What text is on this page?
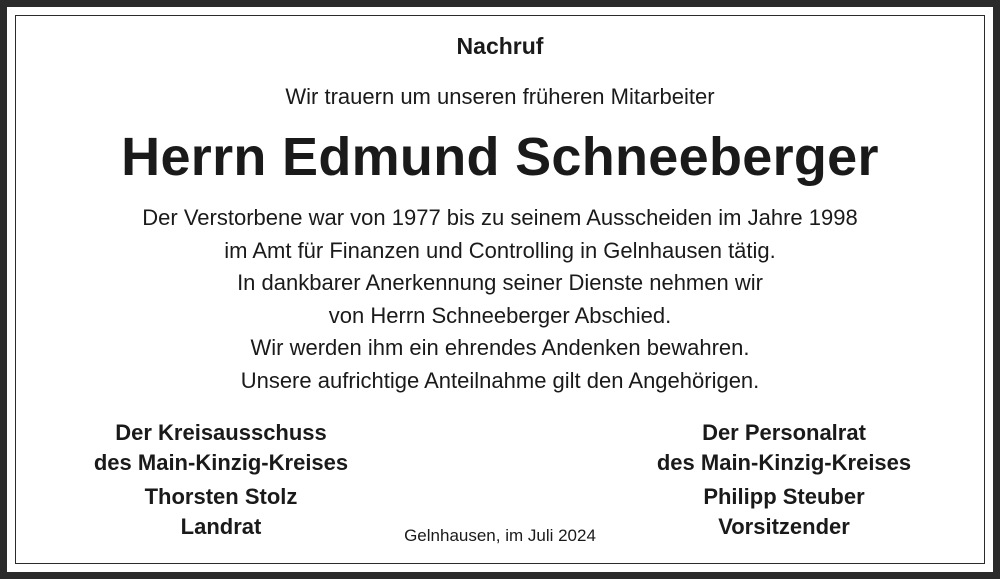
Nachruf
Wir trauern um unseren früheren Mitarbeiter
Herrn Edmund Schneeberger
Der Verstorbene war von 1977 bis zu seinem Ausscheiden im Jahre 1998
im Amt für Finanzen und Controlling in Gelnhausen tätig.
In dankbarer Anerkennung seiner Dienste nehmen wir
von Herrn Schneeberger Abschied.
Wir werden ihm ein ehrendes Andenken bewahren.
Unsere aufrichtige Anteilnahme gilt den Angehörigen.
Der Kreisausschuss
des Main-Kinzig-Kreises
Thorsten Stolz
Landrat
Der Personalrat
des Main-Kinzig-Kreises
Philipp Steuber
Vorsitzender
Gelnhausen, im Juli 2024
